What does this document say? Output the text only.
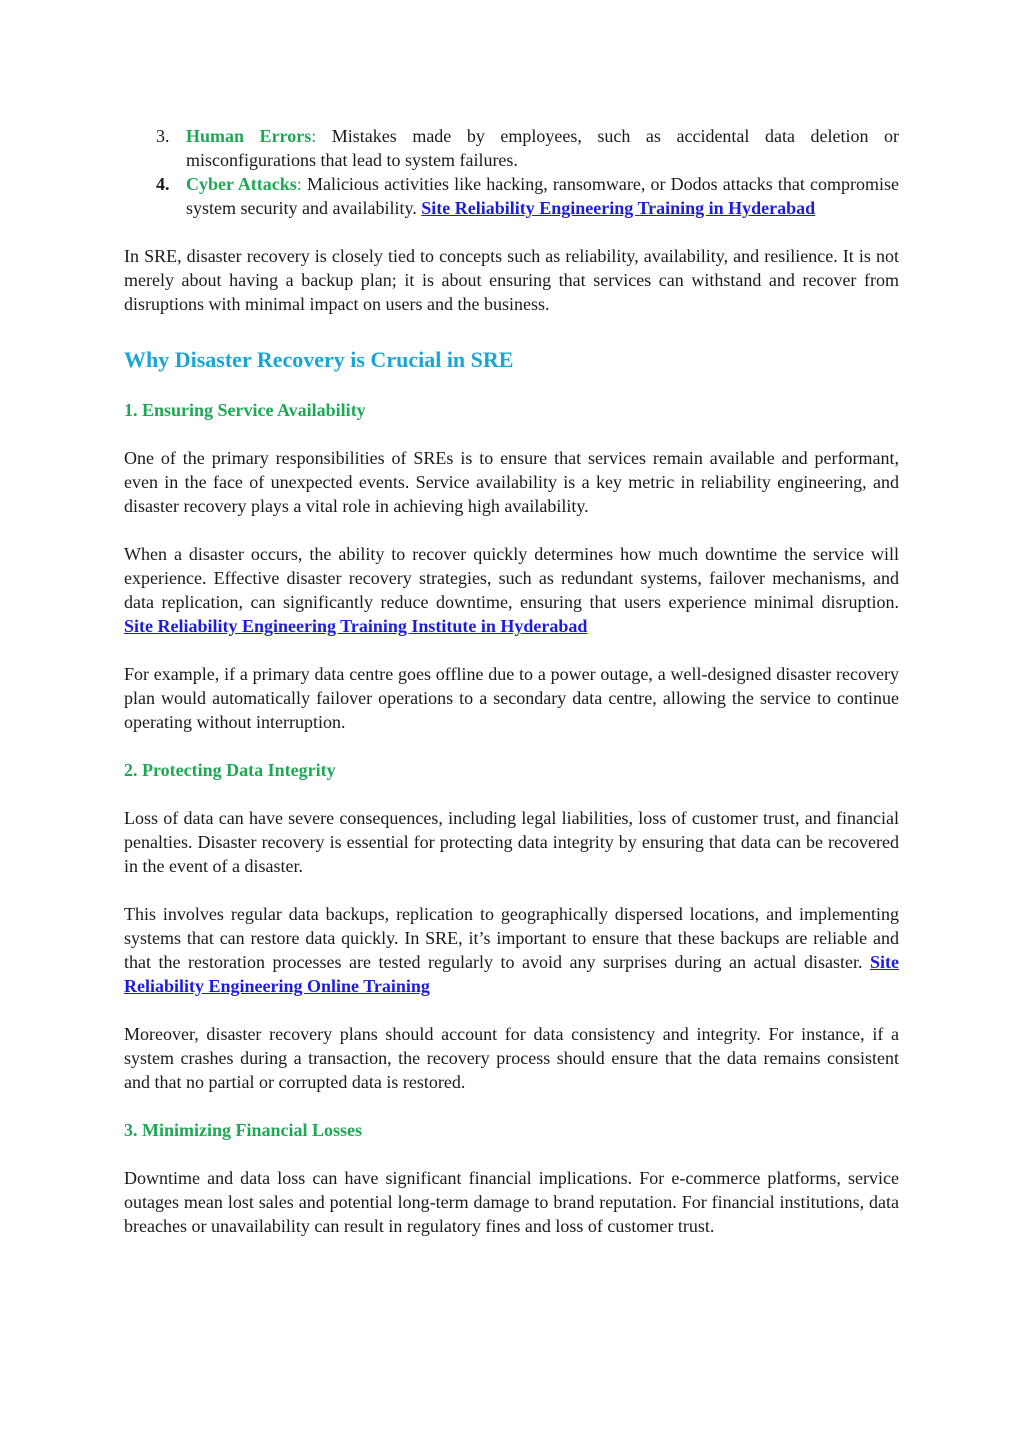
3. Human Errors: Mistakes made by employees, such as accidental data deletion or misconfigurations that lead to system failures.
4. Cyber Attacks: Malicious activities like hacking, ransomware, or Dodos attacks that compromise system security and availability. Site Reliability Engineering Training in Hyderabad

In SRE, disaster recovery is closely tied to concepts such as reliability, availability, and resilience. It is not merely about having a backup plan; it is about ensuring that services can withstand and recover from disruptions with minimal impact on users and the business.

Why Disaster Recovery is Crucial in SRE
1. Ensuring Service Availability

One of the primary responsibilities of SREs is to ensure that services remain available and performant, even in the face of unexpected events. Service availability is a key metric in reliability engineering, and disaster recovery plays a vital role in achieving high availability.

When a disaster occurs, the ability to recover quickly determines how much downtime the service will experience. Effective disaster recovery strategies, such as redundant systems, failover mechanisms, and data replication, can significantly reduce downtime, ensuring that users experience minimal disruption. Site Reliability Engineering Training Institute in Hyderabad

For example, if a primary data centre goes offline due to a power outage, a well-designed disaster recovery plan would automatically failover operations to a secondary data centre, allowing the service to continue operating without interruption.

2. Protecting Data Integrity

Loss of data can have severe consequences, including legal liabilities, loss of customer trust, and financial penalties. Disaster recovery is essential for protecting data integrity by ensuring that data can be recovered in the event of a disaster.

This involves regular data backups, replication to geographically dispersed locations, and implementing systems that can restore data quickly. In SRE, it’s important to ensure that these backups are reliable and that the restoration processes are tested regularly to avoid any surprises during an actual disaster. Site Reliability Engineering Online Training

Moreover, disaster recovery plans should account for data consistency and integrity. For instance, if a system crashes during a transaction, the recovery process should ensure that the data remains consistent and that no partial or corrupted data is restored.

3. Minimizing Financial Losses

Downtime and data loss can have significant financial implications. For e-commerce platforms, service outages mean lost sales and potential long-term damage to brand reputation. For financial institutions, data breaches or unavailability can result in regulatory fines and loss of customer trust.
